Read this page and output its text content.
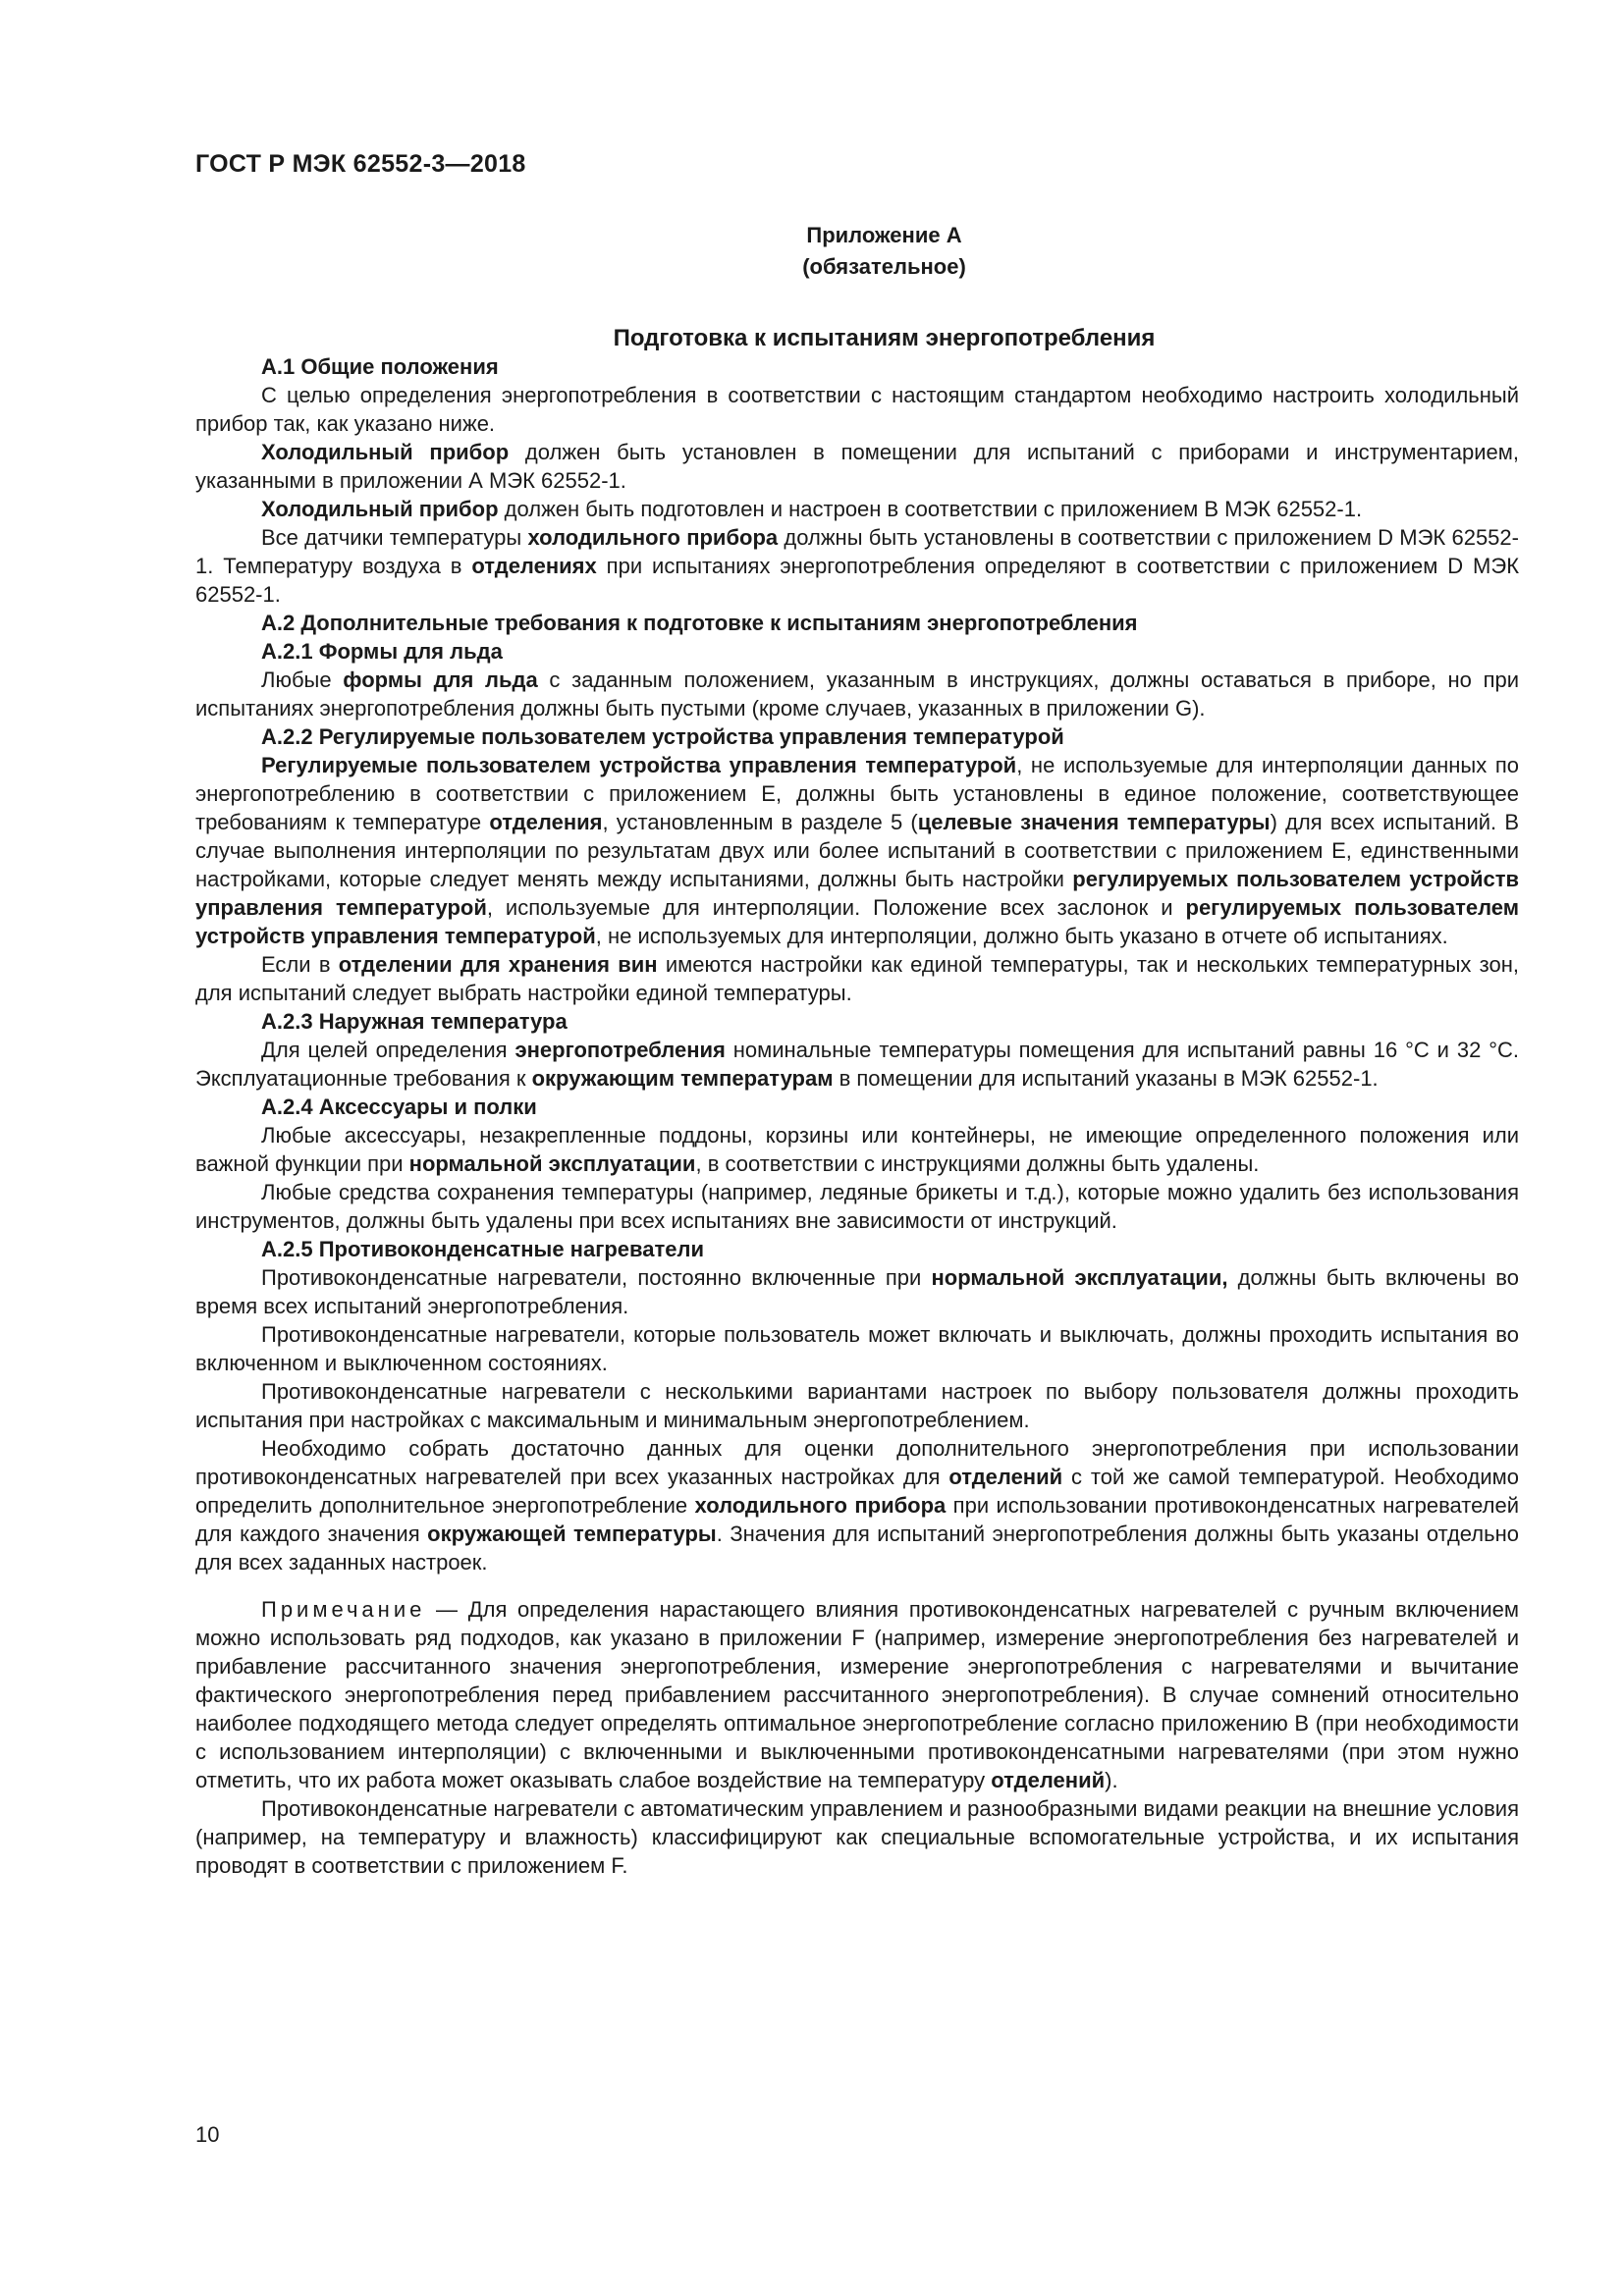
ГОСТ Р МЭК 62552-3—2018
Приложение А
(обязательное)
Подготовка к испытаниям энергопотребления
А.1 Общие положения

С целью определения энергопотребления в соответствии с настоящим стандартом необходимо настроить холодильный прибор так, как указано ниже.

Холодильный прибор должен быть установлен в помещении для испытаний с приборами и инструментарием, указанными в приложении А МЭК 62552-1.

Холодильный прибор должен быть подготовлен и настроен в соответствии с приложением В МЭК 62552-1.

Все датчики температуры холодильного прибора должны быть установлены в соответствии с приложением D МЭК 62552-1. Температуру воздуха в отделениях при испытаниях энергопотребления определяют в соответствии с приложением D МЭК 62552-1.

А.2 Дополнительные требования к подготовке к испытаниям энергопотребления
А.2.1 Формы для льда

Любые формы для льда с заданным положением, указанным в инструкциях, должны оставаться в приборе, но при испытаниях энергопотребления должны быть пустыми (кроме случаев, указанных в приложении G).

А.2.2 Регулируемые пользователем устройства управления температурой

Регулируемые пользователем устройства управления температурой, не используемые для интерполяции данных по энергопотреблению в соответствии с приложением Е, должны быть установлены в единое положение, соответствующее требованиям к температуре отделения, установленным в разделе 5 (целевые значения температуры) для всех испытаний. В случае выполнения интерполяции по результатам двух или более испытаний в соответствии с приложением Е, единственными настройками, которые следует менять между испытаниями, должны быть настройки регулируемых пользователем устройств управления температурой, используемые для интерполяции. Положение всех заслонок и регулируемых пользователем устройств управления температурой, не используемых для интерполяции, должно быть указано в отчете об испытаниях.

Если в отделении для хранения вин имеются настройки как единой температуры, так и нескольких температурных зон, для испытаний следует выбрать настройки единой температуры.

А.2.3 Наружная температура

Для целей определения энергопотребления номинальные температуры помещения для испытаний равны 16 °С и 32 °С. Эксплуатационные требования к окружающим температурам в помещении для испытаний указаны в МЭК 62552-1.

А.2.4 Аксессуары и полки

Любые аксессуары, незакрепленные поддоны, корзины или контейнеры, не имеющие определенного положения или важной функции при нормальной эксплуатации, в соответствии с инструкциями должны быть удалены.

Любые средства сохранения температуры (например, ледяные брикеты и т.д.), которые можно удалить без использования инструментов, должны быть удалены при всех испытаниях вне зависимости от инструкций.

А.2.5 Противоконденсатные нагреватели

Противоконденсатные нагреватели, постоянно включенные при нормальной эксплуатации, должны быть включены во время всех испытаний энергопотребления.

Противоконденсатные нагреватели, которые пользователь может включать и выключать, должны проходить испытания во включенном и выключенном состояниях.

Противоконденсатные нагреватели с несколькими вариантами настроек по выбору пользователя должны проходить испытания при настройках с максимальным и минимальным энергопотреблением.

Необходимо собрать достаточно данных для оценки дополнительного энергопотребления при использовании противоконденсатных нагревателей при всех указанных настройках для отделений с той же самой температурой. Необходимо определить дополнительное энергопотребление холодильного прибора при использовании противоконденсатных нагревателей для каждого значения окружающей температуры. Значения для испытаний энергопотребления должны быть указаны отдельно для всех заданных настроек.

Примечание — Для определения нарастающего влияния противоконденсатных нагревателей с ручным включением можно использовать ряд подходов, как указано в приложении F (например, измерение энергопотребления без нагревателей и прибавление рассчитанного значения энергопотребления, измерение энергопотребления с нагревателями и вычитание фактического энергопотребления перед прибавлением рассчитанного энергопотребления). В случае сомнений относительно наиболее подходящего метода следует определять оптимальное энергопотребление согласно приложению В (при необходимости с использованием интерполяции) с включенными и выключенными противоконденсатными нагревателями (при этом нужно отметить, что их работа может оказывать слабое воздействие на температуру отделений).

Противоконденсатные нагреватели с автоматическим управлением и разнообразными видами реакции на внешние условия (например, на температуру и влажность) классифицируют как специальные вспомогательные устройства, и их испытания проводят в соответствии с приложением F.

10
